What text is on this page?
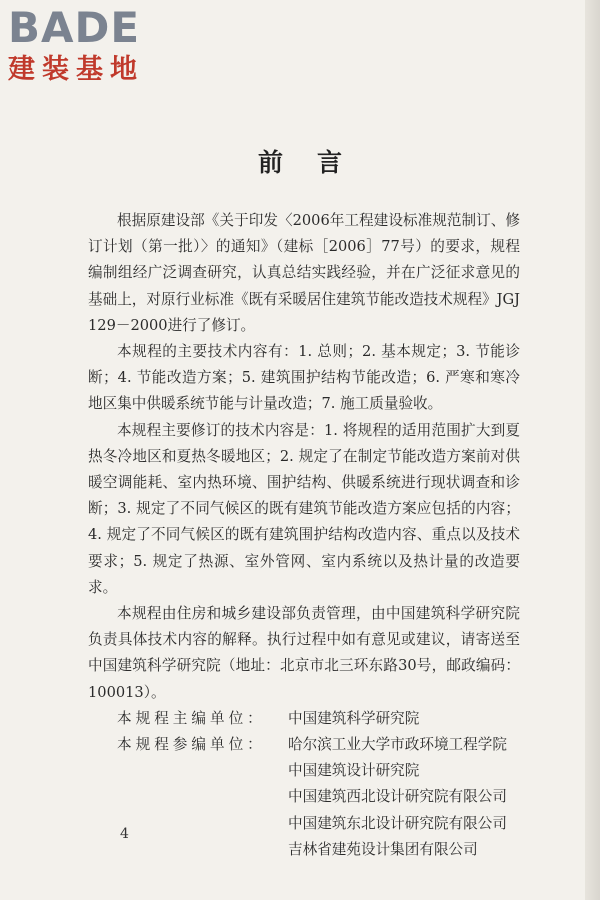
BADE
建装基地
前言

根据原建设部《关于印发〈2006年工程建设标准规范制订、修订计划（第一批）〉的通知》（建标［2006］77号）的要求，规程编制组经广泛调查研究，认真总结实践经验，并在广泛征求意见的基础上，对原行业标准《既有采暖居住建筑节能改造技术规程》JGJ 129－2000进行了修订。

本规程的主要技术内容有：1. 总则；2. 基本规定；3. 节能诊断；4. 节能改造方案；5. 建筑围护结构节能改造；6. 严寒和寒冷地区集中供暖系统节能与计量改造；7. 施工质量验收。

本规程主要修订的技术内容是：1. 将规程的适用范围扩大到夏热冬冷地区和夏热冬暖地区；2. 规定了在制定节能改造方案前对供暖空调能耗、室内热环境、围护结构、供暖系统进行现状调查和诊断；3. 规定了不同气候区的既有建筑节能改造方案应包括的内容；4. 规定了不同气候区的既有建筑围护结构改造内容、重点以及技术要求；5. 规定了热源、室外管网、室内系统以及热计量的改造要求。

本规程由住房和城乡建设部负责管理，由中国建筑科学研究院负责具体技术内容的解释。执行过程中如有意见或建议，请寄送至中国建筑科学研究院（地址：北京市北三环东路30号，邮政编码：100013）。

本规程主编单位：	中国建筑科学研究院
本规程参编单位：	哈尔滨工业大学市政环境工程学院
中国建筑设计研究院
中国建筑西北设计研究院有限公司
中国建筑东北设计研究院有限公司
吉林省建苑设计集团有限公司
4
